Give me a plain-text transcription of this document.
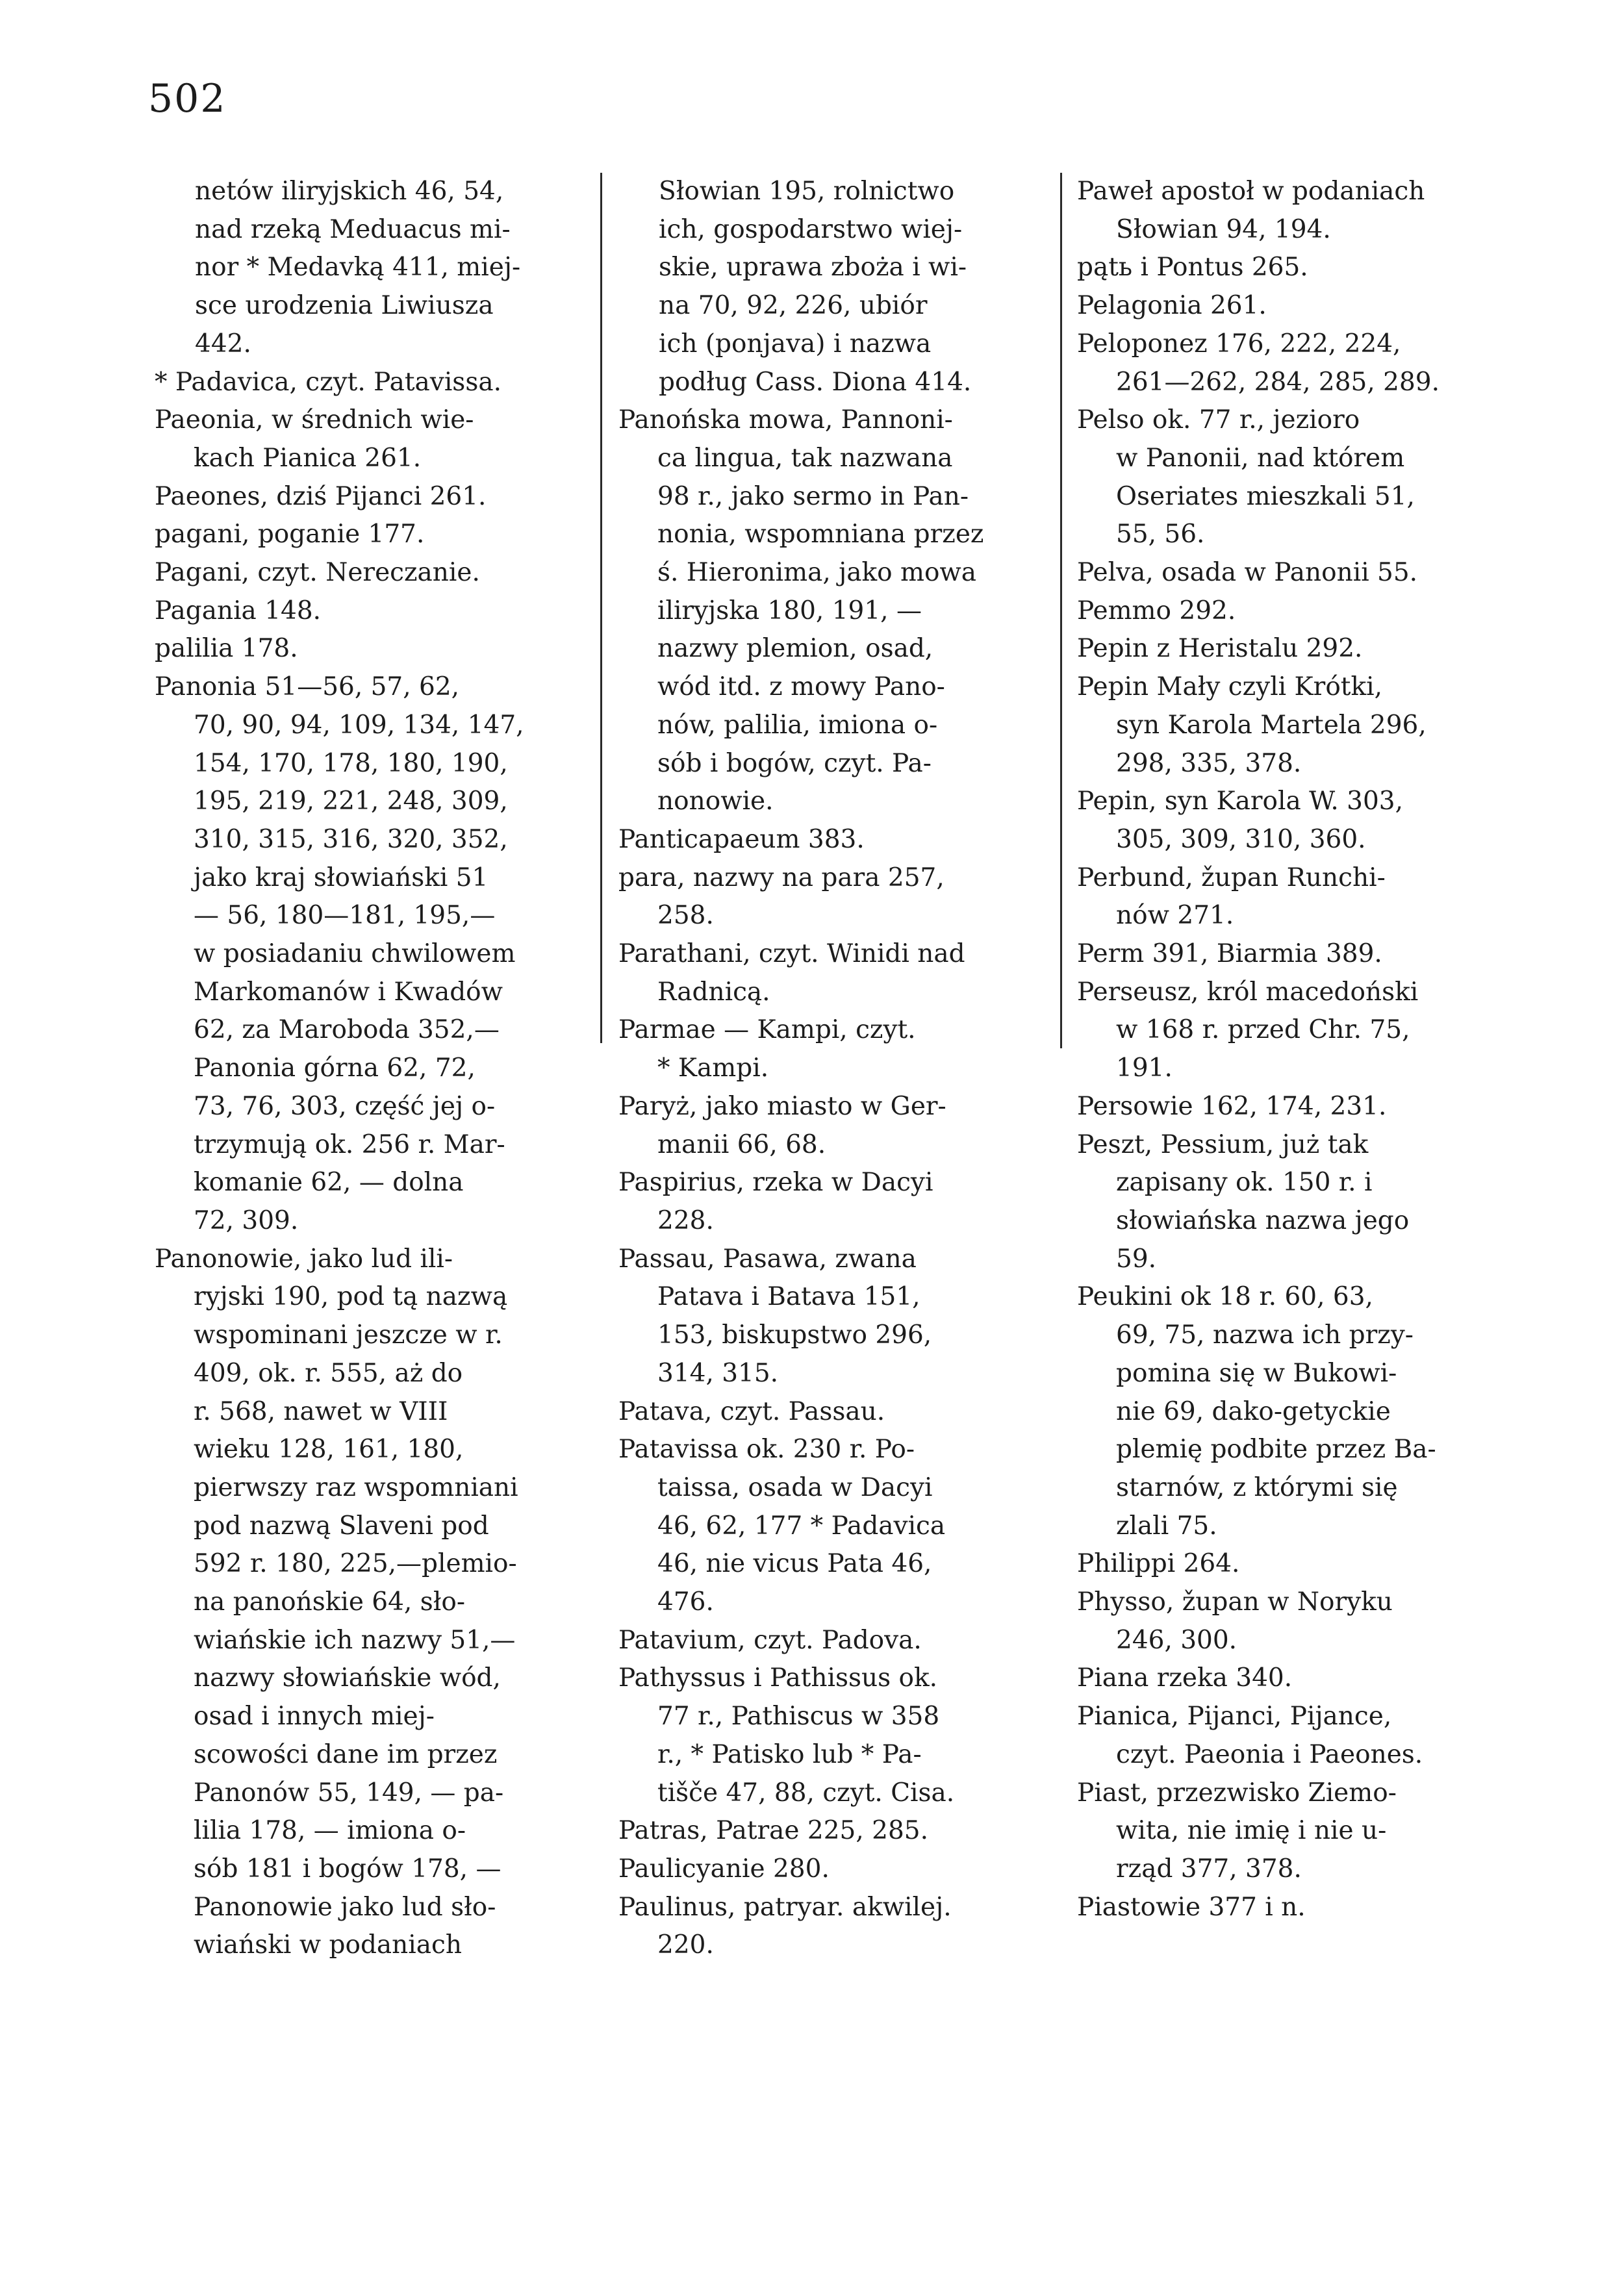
502
netów iliryjskich 46, 54,
nad rzeką Meduacus mi-
nor * Medavką 411, miej-
sce urodzenia Liwiusza
442.
* Padavica, czyt. Patavissa.
Paeonia, w średnich wie-
kach Pianica 261.
Paeones, dziś Pijanci 261.
pagani, poganie 177.
Pagani, czyt. Nereczanie.
Pagania 148.
palilia 178.
Panonia 51—56, 57, 62,
70, 90, 94, 109, 134, 147,
154, 170, 178, 180, 190,
195, 219, 221, 248, 309,
310, 315, 316, 320, 352,
jako kraj słowiański 51
— 56, 180—181, 195,—
w posiadaniu chwilowem
Markomanów i Kwadów
62, za Maroboda 352,—
Panonia górna 62, 72,
73, 76, 303, część jej o-
trzymują ok. 256 r. Mar-
komanie 62, — dolna
72, 309.
Panonowie, jako lud ili-
ryjski 190, pod tą nazwą
wspominani jeszcze w r.
409, ok. r. 555, aż do
r. 568, nawet w VIII
wieku 128, 161, 180,
pierwszy raz wspomniani
pod nazwą Slaveni pod
592 r. 180, 225,—plemio-
na panońskie 64, sło-
wiańskie ich nazwy 51,—
nazwy słowiańskie wód,
osad i innych miej-
scowości dane im przez
Panonów 55, 149, — pa-
lilia 178, — imiona o-
sób 181 i bogów 178, —
Panonowie jako lud sło-
wiański w podaniach
Słowian 195, rolnictwo
ich, gospodarstwo wiej-
skie, uprawa zboża i wi-
na 70, 92, 226, ubiór
ich (ponjava) i nazwa
podług Cass. Diona 414.
Panońska mowa, Pannoni-
ca lingua, tak nazwana
98 r., jako sermo in Pan-
nonia, wspomniana przez
ś. Hieronima, jako mowa
iliryjska 180, 191, —
nazwy plemion, osad,
wód itd. z mowy Pano-
nów, palilia, imiona o-
sób i bogów, czyt. Pa-
nonowie.
Panticapaeum 383.
para, nazwy na para 257,
258.
Parathani, czyt. Winidi nad
Radnicą.
Parmae — Kampi, czyt.
* Kampi.
Paryż, jako miasto w Ger-
manii 66, 68.
Paspirius, rzeka w Dacyi
228.
Passau, Pasawa, zwana
Patava i Batava 151,
153, biskupstwo 296,
314, 315.
Patava, czyt. Passau.
Patavissa ok. 230 r. Po-
taissa, osada w Dacyi
46, 62, 177 * Padavica
46, nie vicus Pata 46,
476.
Patavium, czyt. Padova.
Pathyssus i Pathissus ok.
77 r., Pathiscus w 358
r., * Patisko lub * Pa-
tišče 47, 88, czyt. Cisa.
Patras, Patrae 225, 285.
Paulicyanie 280.
Paulinus, patryar. akwilej.
220.
Paweł apostoł w podaniach
Słowian 94, 194.
pątь i Pontus 265.
Pelagonia 261.
Peloponez 176, 222, 224,
261—262, 284, 285, 289.
Pelso ok. 77 r., jezioro
w Panonii, nad którem
Oseriates mieszkali 51,
55, 56.
Pelva, osada w Panonii 55.
Pemmo 292.
Pepin z Heristalu 292.
Pepin Mały czyli Krótki,
syn Karola Martela 296,
298, 335, 378.
Pepin, syn Karola W. 303,
305, 309, 310, 360.
Perbund, župan Runchi-
nów 271.
Perm 391, Biarmia 389.
Perseusz, król macedoński
w 168 r. przed Chr. 75,
191.
Persowie 162, 174, 231.
Peszt, Pessium, już tak
zapisany ok. 150 r. i
słowiańska nazwa jego
59.
Peukini ok 18 r. 60, 63,
69, 75, nazwa ich przy-
pomina się w Bukowi-
nie 69, dako-getyckie
plemię podbite przez Ba-
starnów, z którymi się
zlali 75.
Philippi 264.
Physso, župan w Noryku
246, 300.
Piana rzeka 340.
Pianica, Pijanci, Pijance,
czyt. Paeonia i Paeones.
Piast, przezwisko Ziemo-
wita, nie imię i nie u-
rząd 377, 378.
Piastowie 377 i n.
